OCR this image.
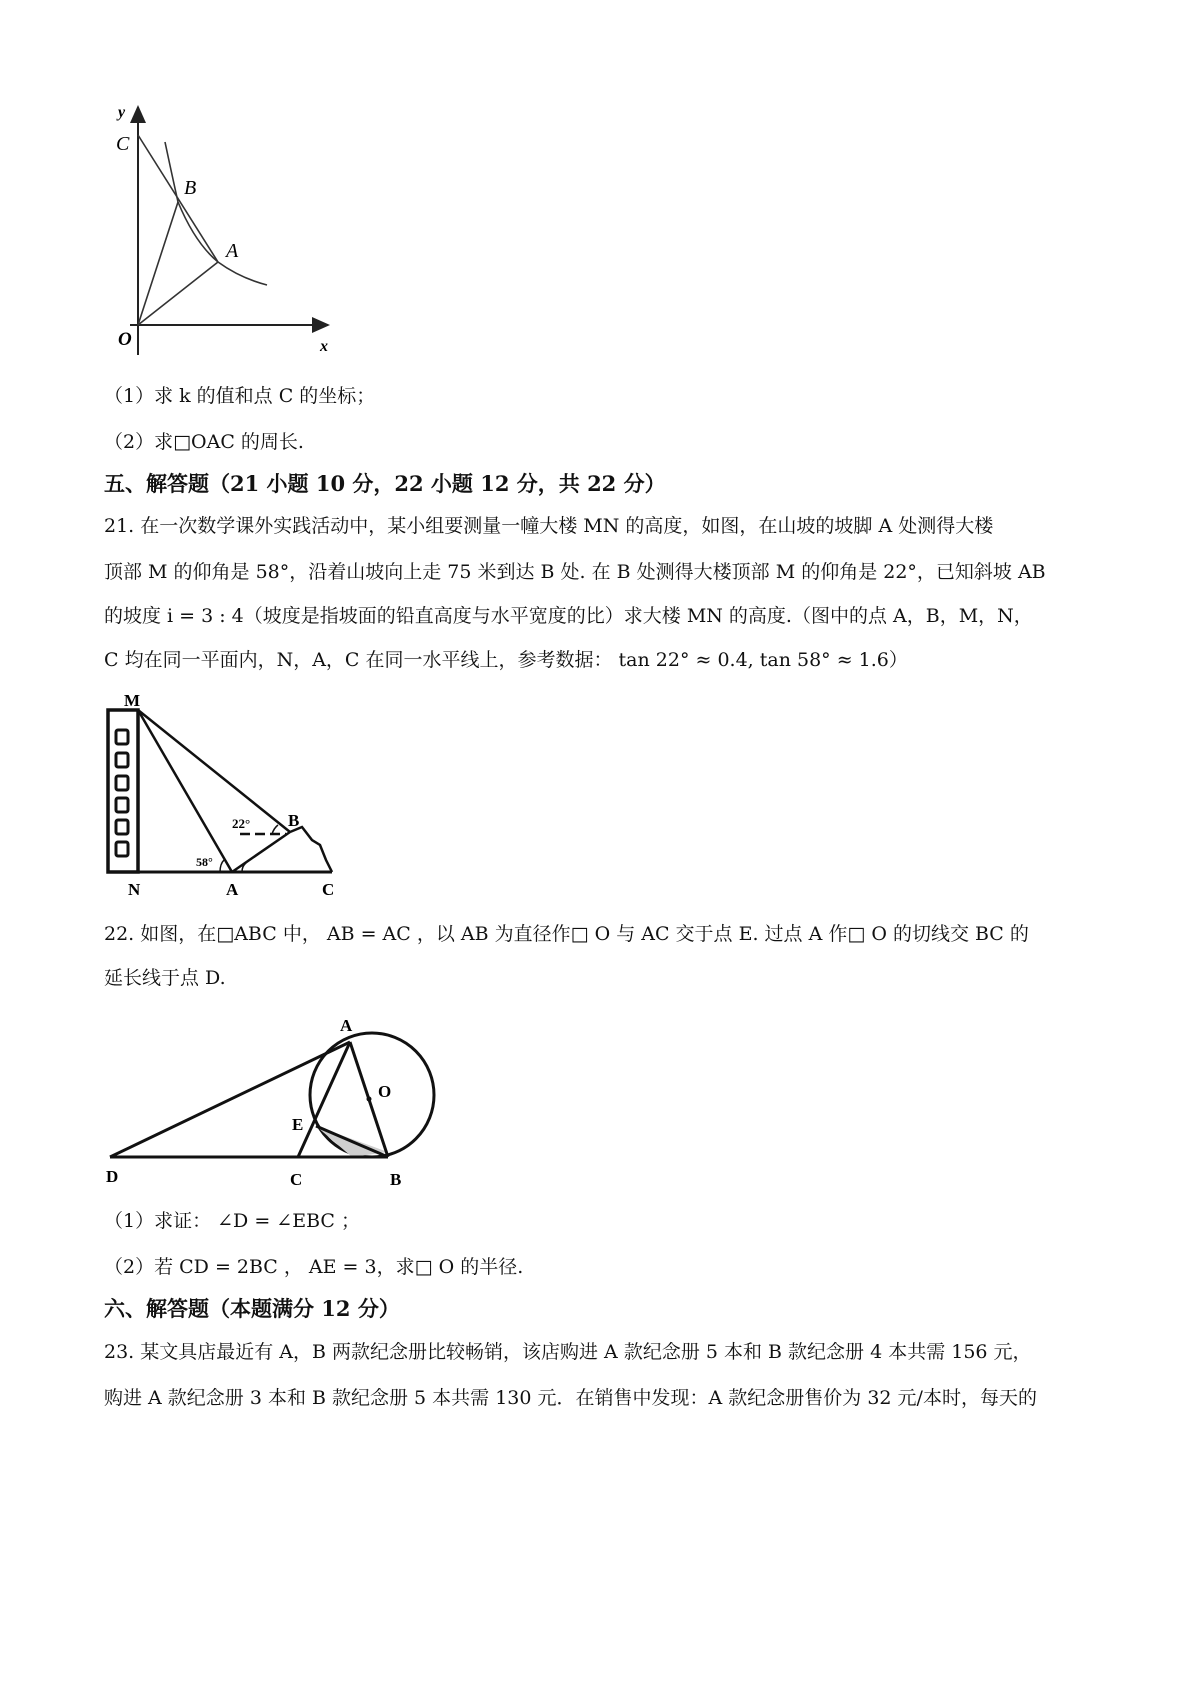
y
C
B
A
O	x
（1）求 k 的值和点 C 的坐标；
（2）求□OAC 的周长.
五、解答题（21 小题 10 分，22 小题 12 分，共 22 分）
21. 在一次数学课外实践活动中，某小组要测量一幢大楼 MN 的高度，如图，在山坡的坡脚 A 处测得大楼
顶部 M 的仰角是 58°，沿着山坡向上走 75 米到达 B 处. 在 B 处测得大楼顶部 M 的仰角是 22°，已知斜坡 AB
的坡度 i = 3 : 4（坡度是指坡面的铅直高度与水平宽度的比）求大楼 MN 的高度.（图中的点 A，B，M，N，
C 均在同一平面内，N，A，C 在同一水平线上，参考数据： tan 22° ≈ 0.4, tan 58° ≈ 1.6）
M
N	A	C
B
22°
58°
22. 如图，在□ABC 中， AB = AC ，以 AB 为直径作□ O 与 AC 交于点 E. 过点 A 作□ O 的切线交 BC 的
延长线于点 D.
A
O
E
D	C	B
（1）求证： ∠D = ∠EBC ；
（2）若 CD = 2BC ， AE = 3，求□ O 的半径.
六、解答题（本题满分 12 分）
23. 某文具店最近有 A，B 两款纪念册比较畅销，该店购进 A 款纪念册 5 本和 B 款纪念册 4 本共需 156 元，
购进 A 款纪念册 3 本和 B 款纪念册 5 本共需 130 元．在销售中发现：A 款纪念册售价为 32 元/本时，每天的
